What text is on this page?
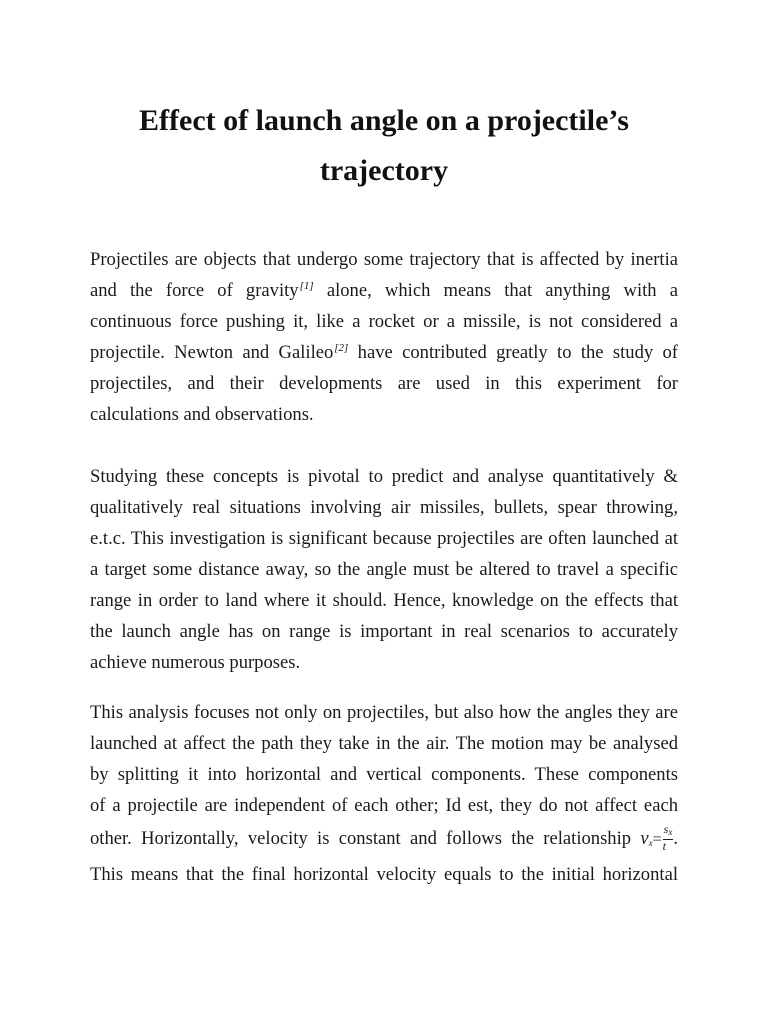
Effect of launch angle on a projectile’s trajectory

Projectiles are objects that undergo some trajectory that is affected by inertia
and the force of gravity[1] alone, which means that anything with a
continuous force pushing it, like a rocket or a missile, is not considered a
projectile. Newton and Galileo[2] have contributed greatly to the study of
projectiles, and their developments are used in this experiment for
calculations and observations.

Studying these concepts is pivotal to predict and analyse quantitatively &
qualitatively real situations involving air missiles, bullets, spear throwing,
e.t.c. This investigation is significant because projectiles are often launched at
a target some distance away, so the angle must be altered to travel a specific
range in order to land where it should. Hence, knowledge on the effects that
the launch angle has on range is important in real scenarios to accurately
achieve numerous purposes.

This analysis focuses not only on projectiles, but also how the angles they are
launched at affect the path they take in the air. The motion may be analysed
by splitting it into horizontal and vertical components. These components
of a projectile are independent of each other; Id est, they do not affect each
other. Horizontally, velocity is constant and follows the relationship $vx= \frac{sx}{t}$ .
This means that the final horizontal velocity equals to the initial horizontal
